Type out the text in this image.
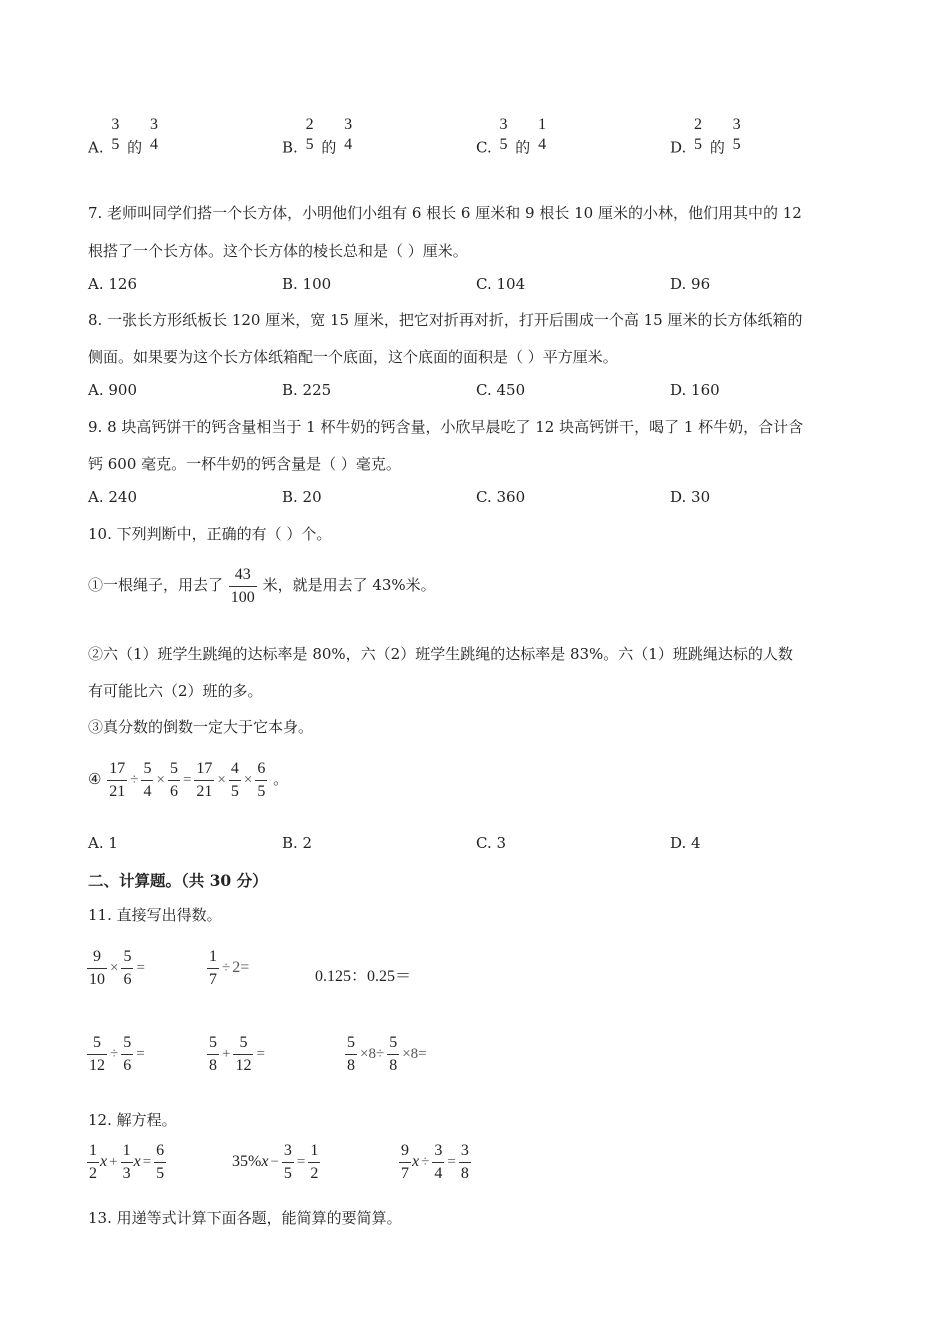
A.
3
5 的
3
4	B.
2
5 的
3
4	C.
3
5 的
1
4	D.
2
5 的
3
5
7. 老师叫同学们搭一个长方体，小明他们小组有 6 根长 6 厘米和 9 根长 10 厘米的小林，他们用其中的 12
根搭了一个长方体。这个长方体的棱长总和是（ ）厘米。
A. 126	B. 100	C. 104	D. 96
8. 一张长方形纸板长 120 厘米，宽 15 厘米，把它对折再对折，打开后围成一个高 15 厘米的长方体纸箱的
侧面。如果要为这个长方体纸箱配一个底面，这个底面的面积是（ ）平方厘米。
A. 900	B. 225	C. 450	D. 160
9. 8 块高钙饼干的钙含量相当于 1 杯牛奶的钙含量，小欣早晨吃了 12 块高钙饼干，喝了 1 杯牛奶，合计含
钙 600 毫克。一杯牛奶的钙含量是（ ）毫克。
A. 240	B. 20	C. 360	D. 30
10. 下列判断中，正确的有（ ）个。
①一根绳子，用去了 $\frac{43}{100}$ 米，就是用去了 43%米。
②六（1）班学生跳绳的达标率是 80%，六（2）班学生跳绳的达标率是 83%。六（1）班跳绳达标的人数
有可能比六（2）班的多。
③真分数的倒数一定大于它本身。
④ $\frac{17}{21} \div \frac{5}{4} \times \frac{5}{6} = \frac{17}{21} \times \frac{4}{5} \times \frac{6}{5}$ 。
A. 1	B. 2	C. 3	D. 4
二、计算题。（共 30 分）
11. 直接写出得数。
$\frac{9}{10} \times \frac{5}{6}$ =	$\frac{1}{7} \div 2=$
0.125：0.25＝
$\frac{5}{12} \div \frac{5}{6}$ =	$\frac{5}{8} + \frac{5}{12}$ =	$\frac{5}{8} \times 8\div \frac{5}{8} \times 8=$
12. 解方程。
$\frac{1}{2}$ $x + \frac{1}{3}$ $x = \frac{6}{5}$	$35\%x - \frac{3}{5} = \frac{1}{2}$	$\frac{9}{7}$ $x \div \frac{3}{4} = \frac{3}{8}$
13. 用递等式计算下面各题，能简算的要简算。
